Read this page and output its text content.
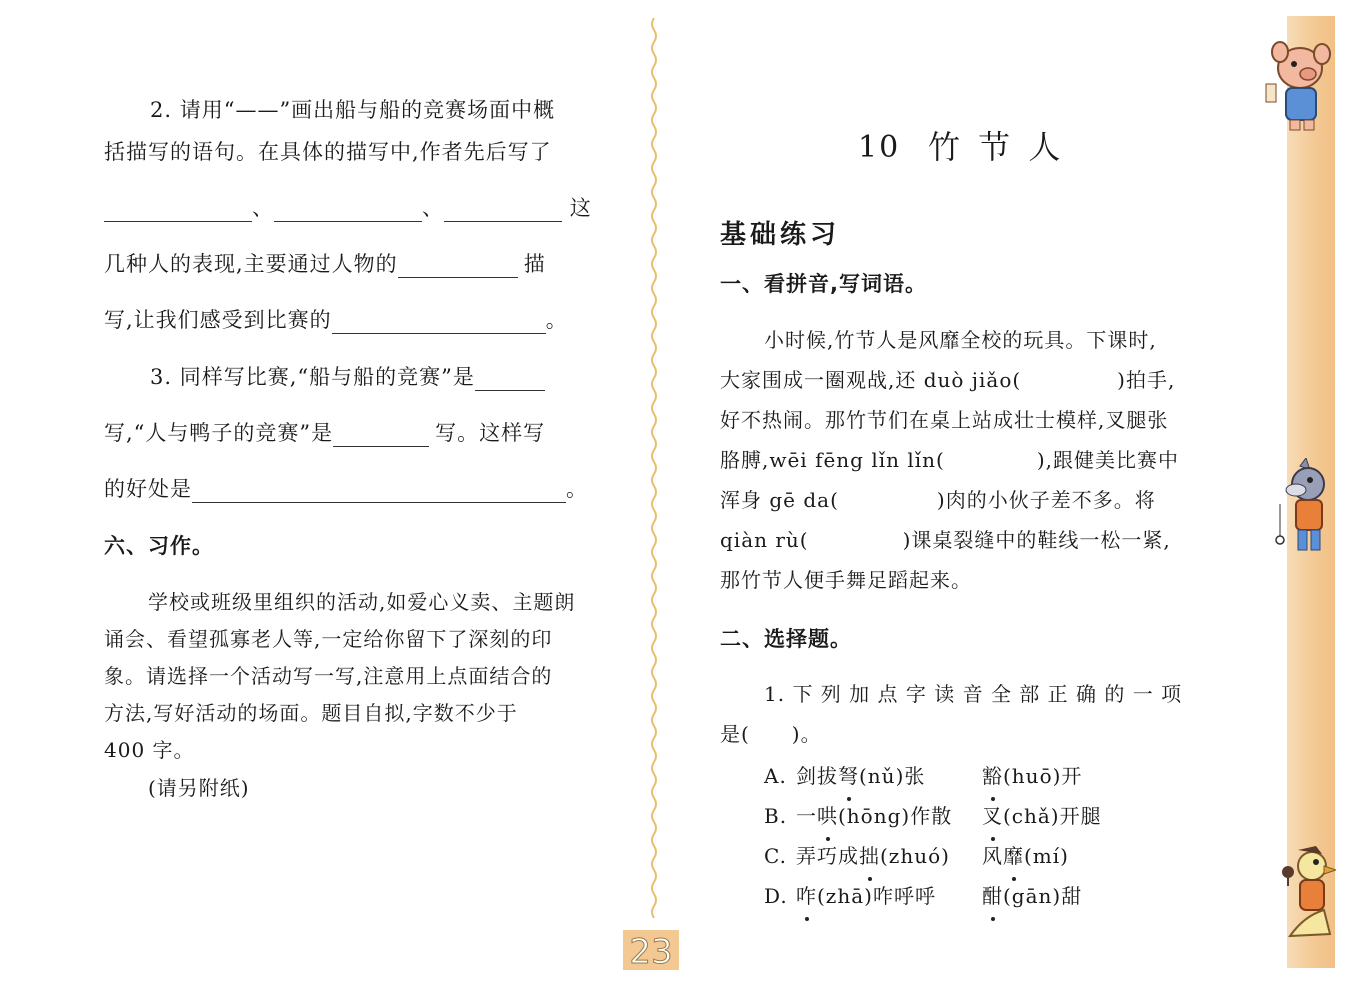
2. 请用“——”画出船与船的竞赛场面中概
括描写的语句。在具体的描写中,作者先后写了
、	、	这
几种人的表现,主要通过人物的	描
写,让我们感受到比赛的	。
3. 同样写比赛,“船与船的竞赛”是
写,“人与鸭子的竞赛”是	写。这样写
的好处是	。
六、习作。
学校或班级里组织的活动,如爱心义卖、主题朗
诵会、看望孤寡老人等,一定给你留下了深刻的印
象。请选择一个活动写一写,注意用上点面结合的
方法,写好活动的场面。题目自拟,字数不少于
400 字。
(请另附纸)
10 竹 节 人
基础练习
一、看拼音,写词语。
小时候,竹节人是风靡全校的玩具。下课时,
大家围成一圈观战,还 duò jiǎo(	)拍手,
好不热闹。那竹节们在桌上站成壮士模样,叉腿张
胳膊,wēi fēng lǐn lǐn(	),跟健美比赛中
浑身 gē da(	)肉的小伙子差不多。将
qiàn rù(	)课桌裂缝中的鞋线一松一紧,
那竹节人便手舞足蹈起来。
二、选择题。
1. 下 列 加 点 字 读 音 全 部 正 确 的 一 项
是(　　)。
A. 剑拔弩(nǔ)张	豁(huō)开
B. 一哄(hōng)作散 叉(chǎ)开腿
C. 弄巧成拙(zhuó) 风靡(mí)
D. 咋(zhā)咋呼呼 酣(gān)甜
23
